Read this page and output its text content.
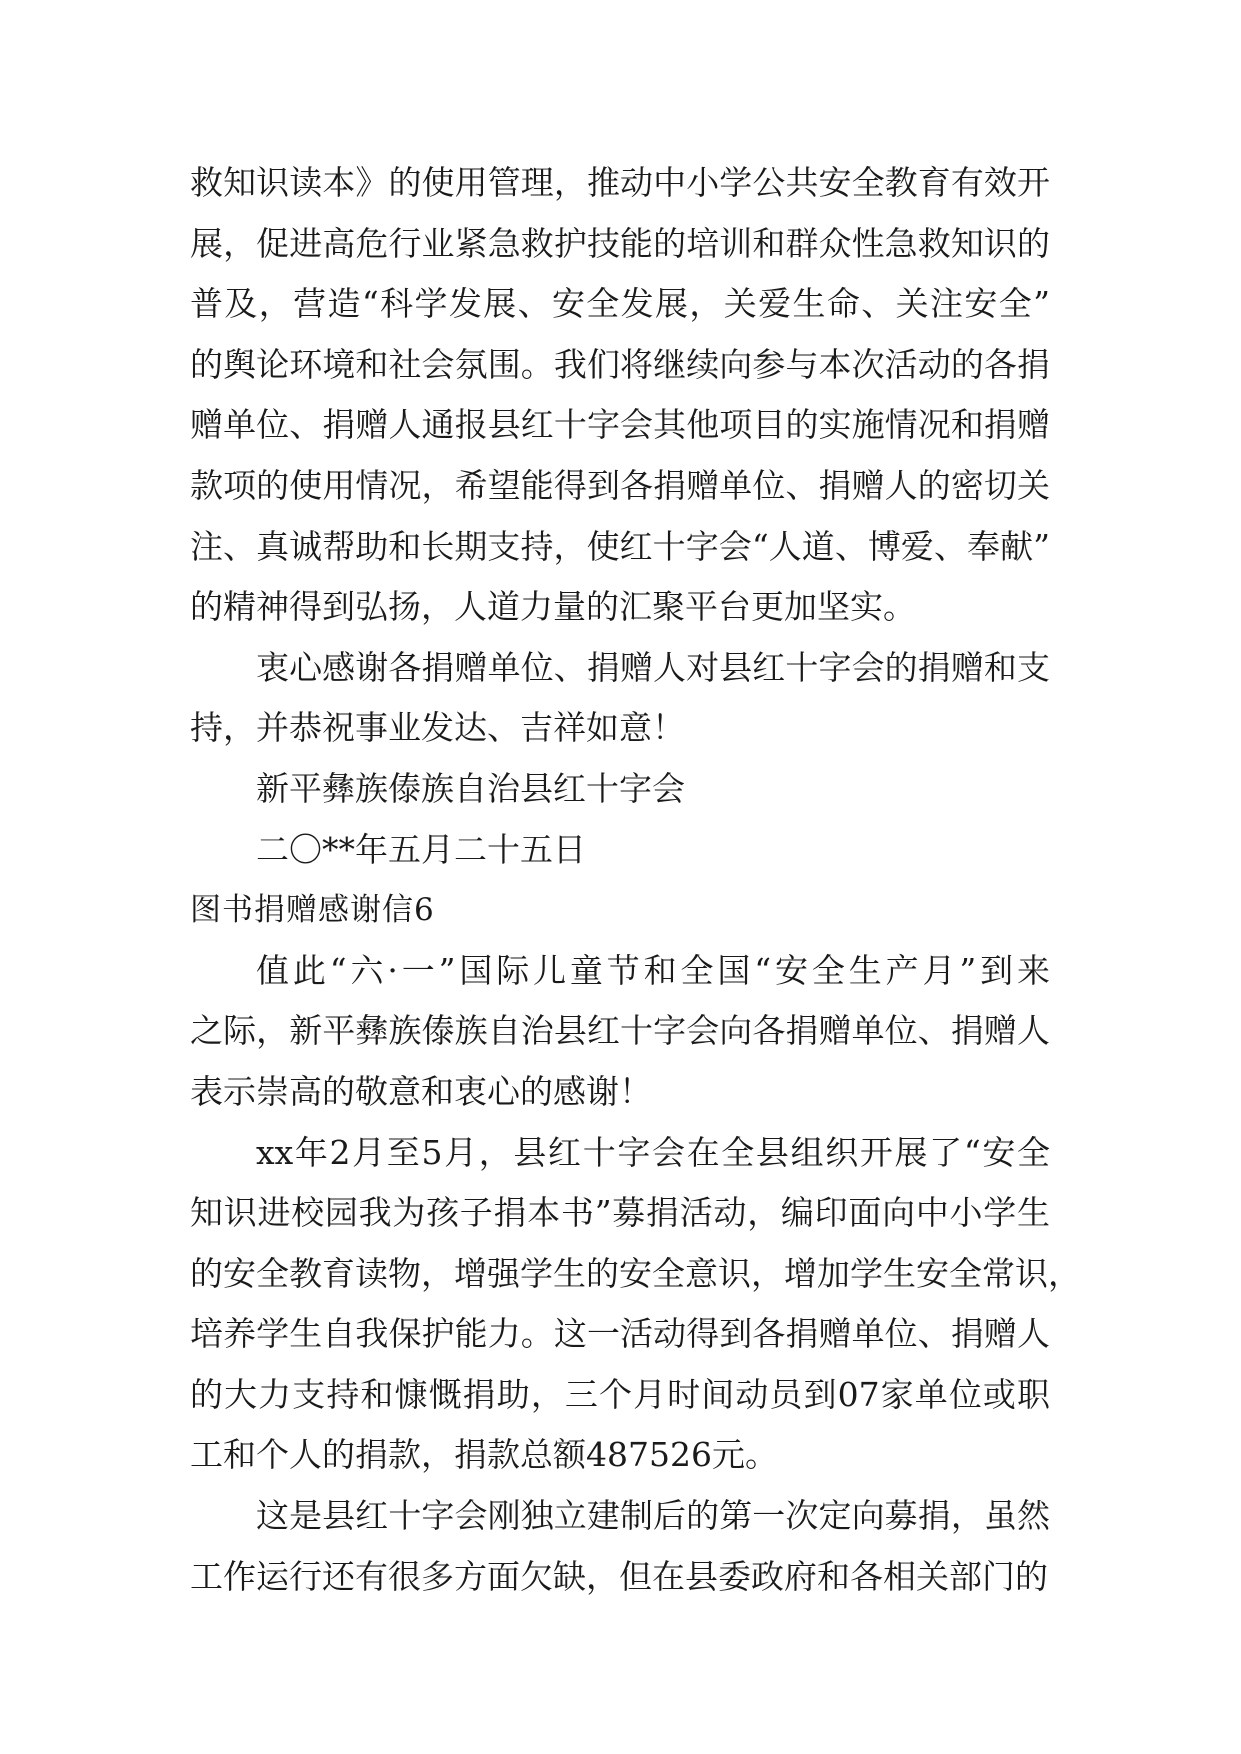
救知识读本》的使用管理，推动中小学公共安全教育有效开
展，促进高危行业紧急救护技能的培训和群众性急救知识的
普及，营造“科学发展、安全发展，关爱生命、关注安全”
的舆论环境和社会氛围。我们将继续向参与本次活动的各捐
赠单位、捐赠人通报县红十字会其他项目的实施情况和捐赠
款项的使用情况，希望能得到各捐赠单位、捐赠人的密切关
注、真诚帮助和长期支持，使红十字会“人道、博爱、奉献”
的精神得到弘扬，人道力量的汇聚平台更加坚实。
衷心感谢各捐赠单位、捐赠人对县红十字会的捐赠和支
持，并恭祝事业发达、吉祥如意！
新平彝族傣族自治县红十字会
二〇**年五月二十五日
图书捐赠感谢信6
值此“六·一”国际儿童节和全国“安全生产月”到来
之际，新平彝族傣族自治县红十字会向各捐赠单位、捐赠人
表示崇高的敬意和衷心的感谢！
xx年2月至5月，县红十字会在全县组织开展了“安全
知识进校园我为孩子捐本书”募捐活动，编印面向中小学生
的安全教育读物，增强学生的安全意识，增加学生安全常识，
培养学生自我保护能力。这一活动得到各捐赠单位、捐赠人
的大力支持和慷慨捐助，三个月时间动员到07家单位或职
工和个人的捐款，捐款总额487526元。
这是县红十字会刚独立建制后的第一次定向募捐，虽然
工作运行还有很多方面欠缺，但在县委政府和各相关部门的
